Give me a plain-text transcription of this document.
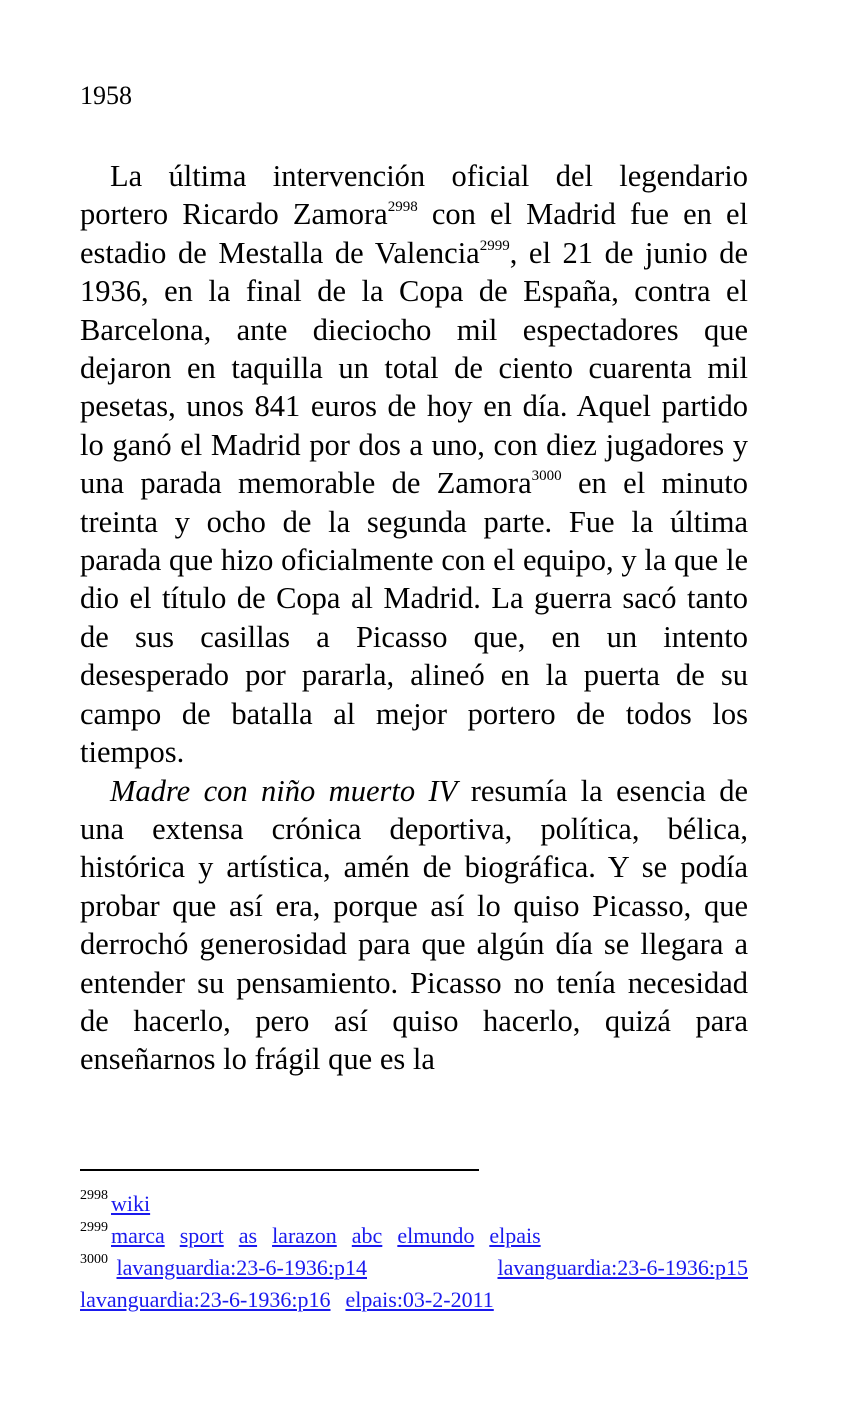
1958

La última intervención oficial del legendario portero Ricardo Zamora$^{2998}$ con el Madrid fue en el estadio de Mestalla de Valencia$^{2999}$, el 21 de junio de 1936, en la final de la Copa de España, contra el Barcelona, ante dieciocho mil espectadores que dejaron en taquilla un total de ciento cuarenta mil pesetas, unos 841 euros de hoy en día. Aquel partido lo ganó el Madrid por dos a uno, con diez jugadores y una parada memorable de Zamora$^{3000}$ en el minuto treinta y ocho de la segunda parte. Fue la última parada que hizo oficialmente con el equipo, y la que le dio el título de Copa al Madrid. La guerra sacó tanto de sus casillas a Picasso que, en un intento desesperado por pararla, alineó en la puerta de su campo de batalla al mejor portero de todos los tiempos.

Madre con niño muerto IV resumía la esencia de una extensa crónica deportiva, política, bélica, histórica y artística, amén de biográfica. Y se podía probar que así era, porque así lo quiso Picasso, que derrochó generosidad para que algún día se llegara a entender su pensamiento. Picasso no tenía necesidad de hacerlo, pero así quiso hacerlo, quizá para enseñarnos lo frágil que es la

$^{2998}$ wiki
$^{2999}$ marca sport as larazon abc elmundo elpais
$^{3000}$ lavanguardia:23-6-1936:p14	lavanguardia:23-6-1936:p15
lavanguardia:23-6-1936:p16 elpais:03-2-2011
